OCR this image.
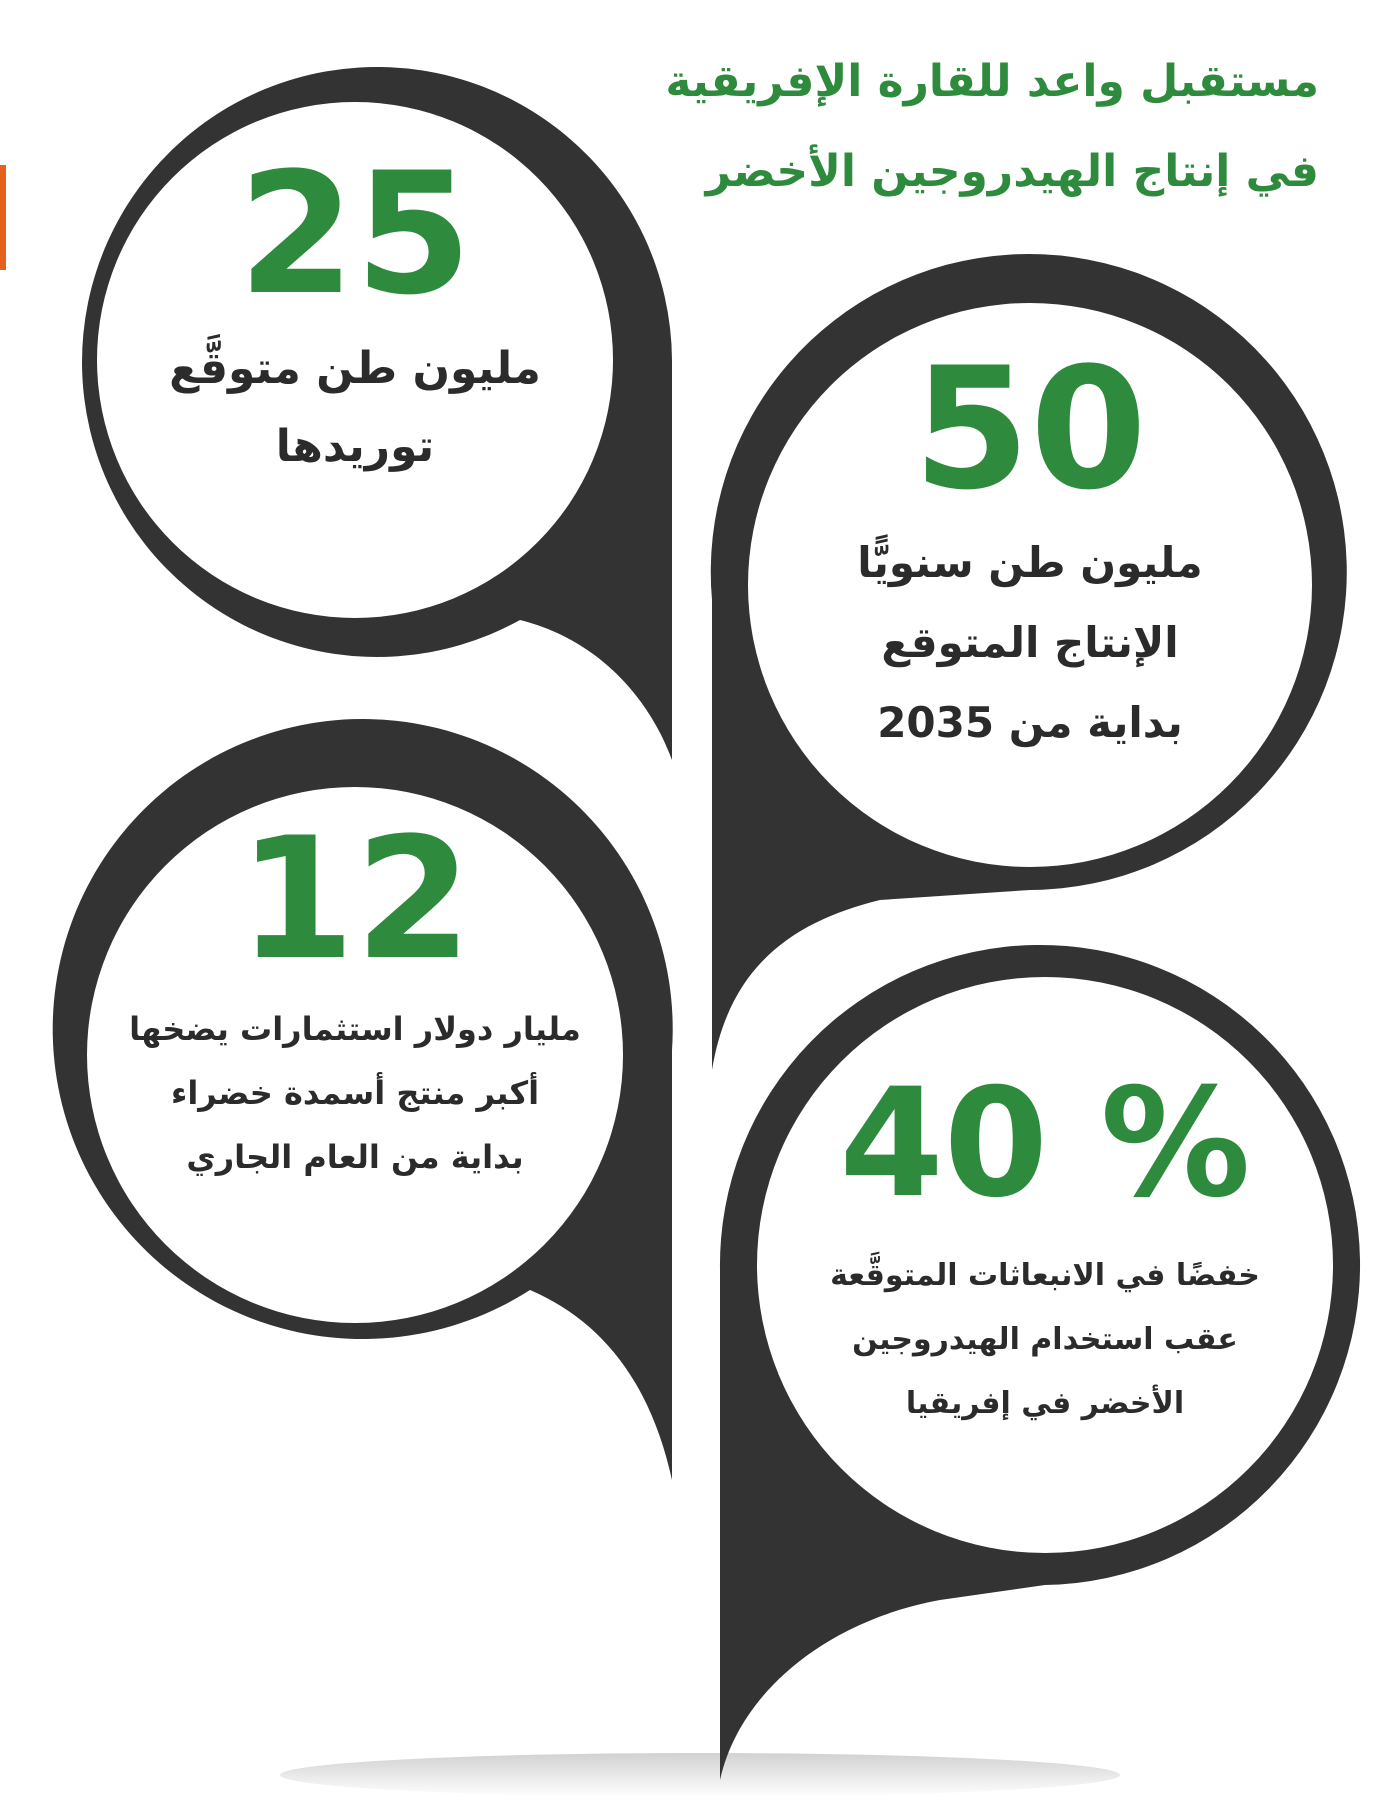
مستقبل واعد للقارة الإفريقية
في إنتاج الهيدروجين الأخضر
25
مليون طن متوقَّع
توريدها	50
مليون طن سنويًّا
الإنتاج المتوقع
بداية من 2035
12
مليار دولار استثمارات يضخها
أكبر منتج أسمدة خضراء
بداية من العام الجاري	40 %
خفضًا في الانبعاثات المتوقَّعة
عقب استخدام الهيدروجين
الأخضر في إفريقيا
